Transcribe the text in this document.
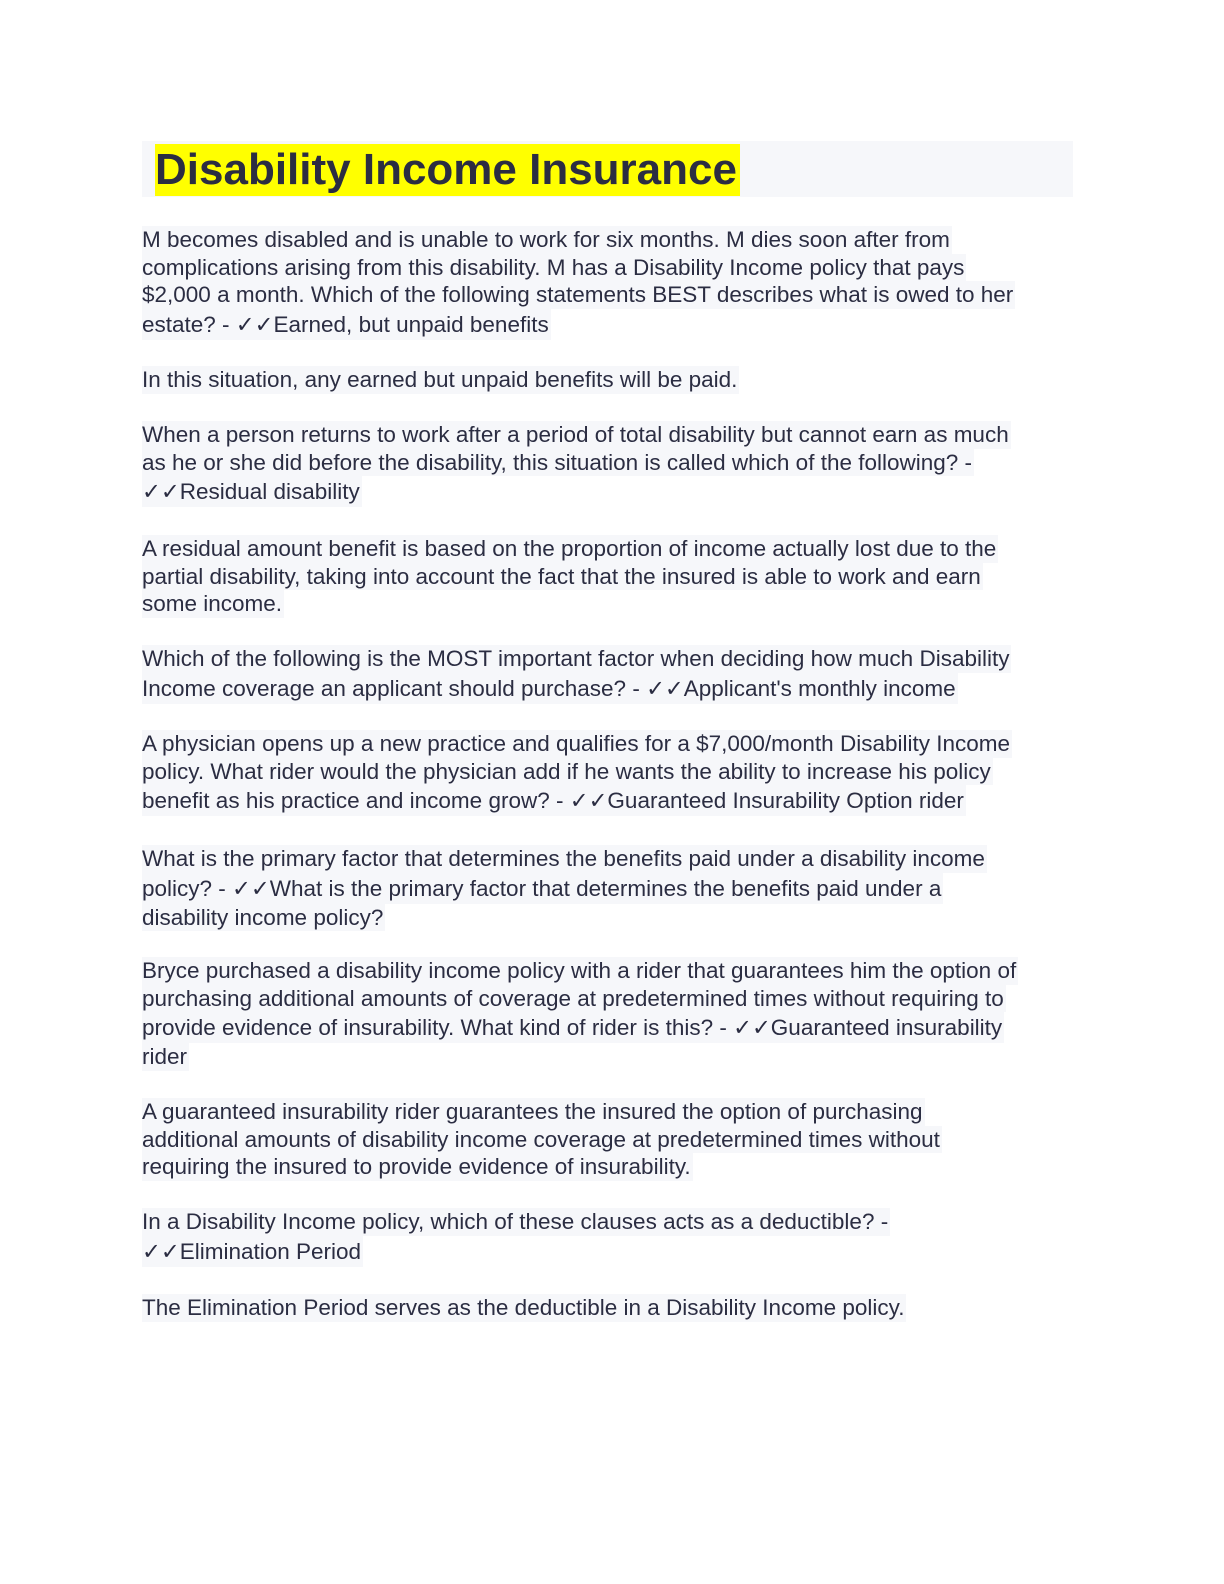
Disability Income Insurance
M becomes disabled and is unable to work for six months. M dies soon after from
complications arising from this disability. M has a Disability Income policy that pays
$2,000 a month. Which of the following statements BEST describes what is owed to her
estate? - ✓✓Earned, but unpaid benefits

In this situation, any earned but unpaid benefits will be paid.

When a person returns to work after a period of total disability but cannot earn as much
as he or she did before the disability, this situation is called which of the following? -
✓✓Residual disability

A residual amount benefit is based on the proportion of income actually lost due to the
partial disability, taking into account the fact that the insured is able to work and earn
some income.

Which of the following is the MOST important factor when deciding how much Disability
Income coverage an applicant should purchase? - ✓✓Applicant's monthly income

A physician opens up a new practice and qualifies for a $7,000/month Disability Income
policy. What rider would the physician add if he wants the ability to increase his policy
benefit as his practice and income grow? - ✓✓Guaranteed Insurability Option rider

What is the primary factor that determines the benefits paid under a disability income
policy? - ✓✓What is the primary factor that determines the benefits paid under a
disability income policy?

Bryce purchased a disability income policy with a rider that guarantees him the option of
purchasing additional amounts of coverage at predetermined times without requiring to
provide evidence of insurability. What kind of rider is this? - ✓✓Guaranteed insurability
rider

A guaranteed insurability rider guarantees the insured the option of purchasing
additional amounts of disability income coverage at predetermined times without
requiring the insured to provide evidence of insurability.

In a Disability Income policy, which of these clauses acts as a deductible? -
✓✓Elimination Period

The Elimination Period serves as the deductible in a Disability Income policy.
